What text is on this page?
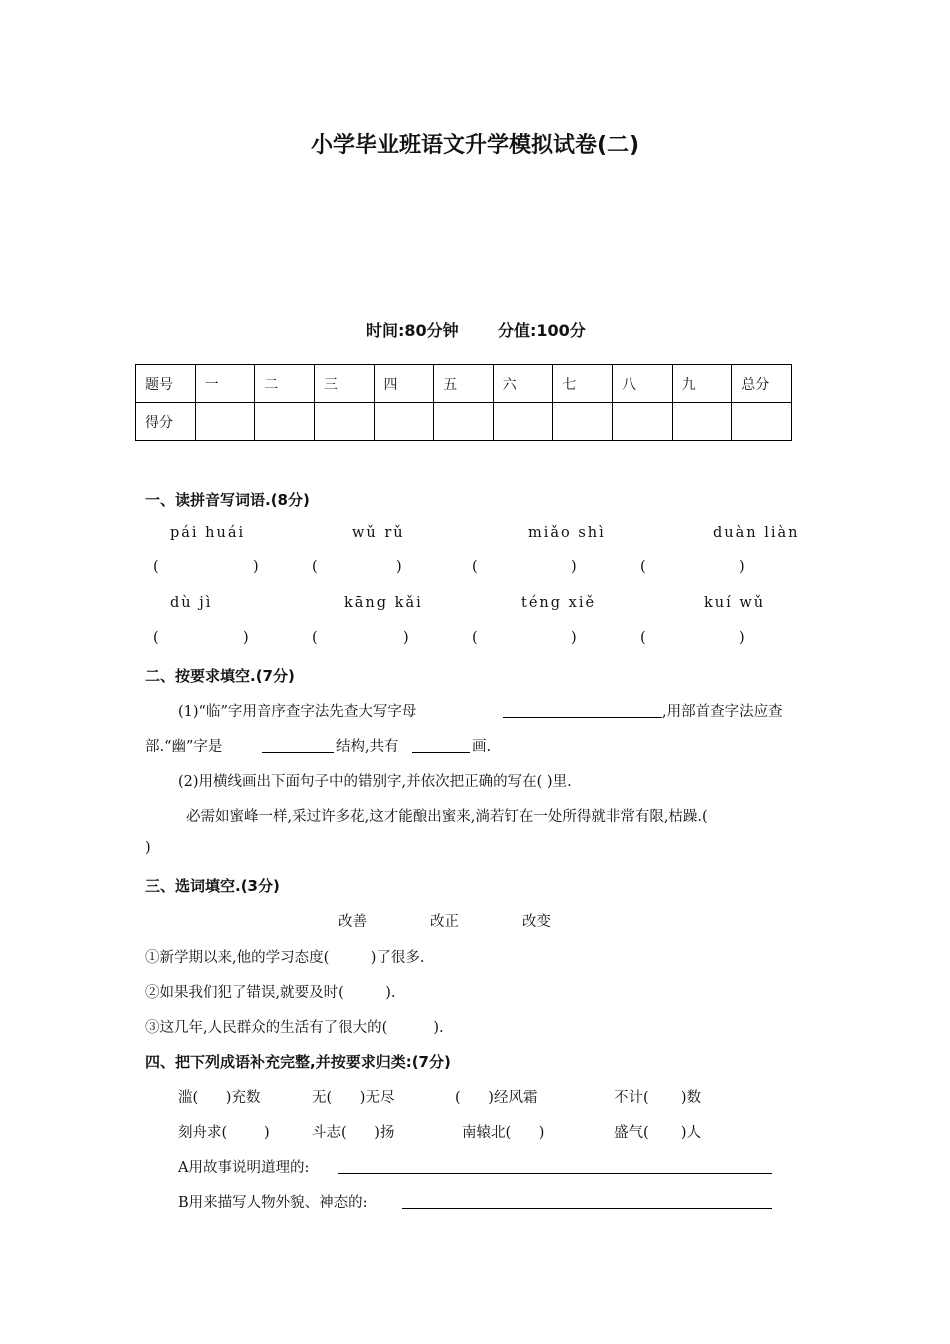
小学毕业班语文升学模拟试卷(二)
时间:80分钟 分值:100分
题号	一	二	三	四	五	六	七	八	九	总分
得分										
一、读拼音写词语.(8分)
pái huái	wǔ rǔ	miǎo shì	duàn liàn
(	)	(	)	(	)	(	)
dù jì	kāng kǎi	téng xiě	kuí wǔ
(	)	(	)	(	)	(	)
二、按要求填空.(7分)
(1)“临”字用音序查字法先查大写字母	,用部首查字法应查
部.“幽”字是	结构,共有	画.
(2)用横线画出下面句子中的错别字,并依次把正确的写在( )里.
必需如蜜峰一样,采过许多花,这才能酿出蜜来,淌若钉在一处所得就非常有限,枯躁.(
)
三、选词填空.(3分)
改善	改正	改变
①新学期以来,他的学习态度(         )了很多.
②如果我们犯了错误,就要及时(         ).
③这几年,人民群众的生活有了很大的(          ).
四、把下列成语补充完整,并按要求归类:(7分)
滥(      )充数	无(      )无尽	(      )经风霜	不计(       )数
刻舟求(        )	斗志(      )扬	南辕北(      )	盛气(       )人
A用故事说明道理的:
B用来描写人物外貌、神态的:
